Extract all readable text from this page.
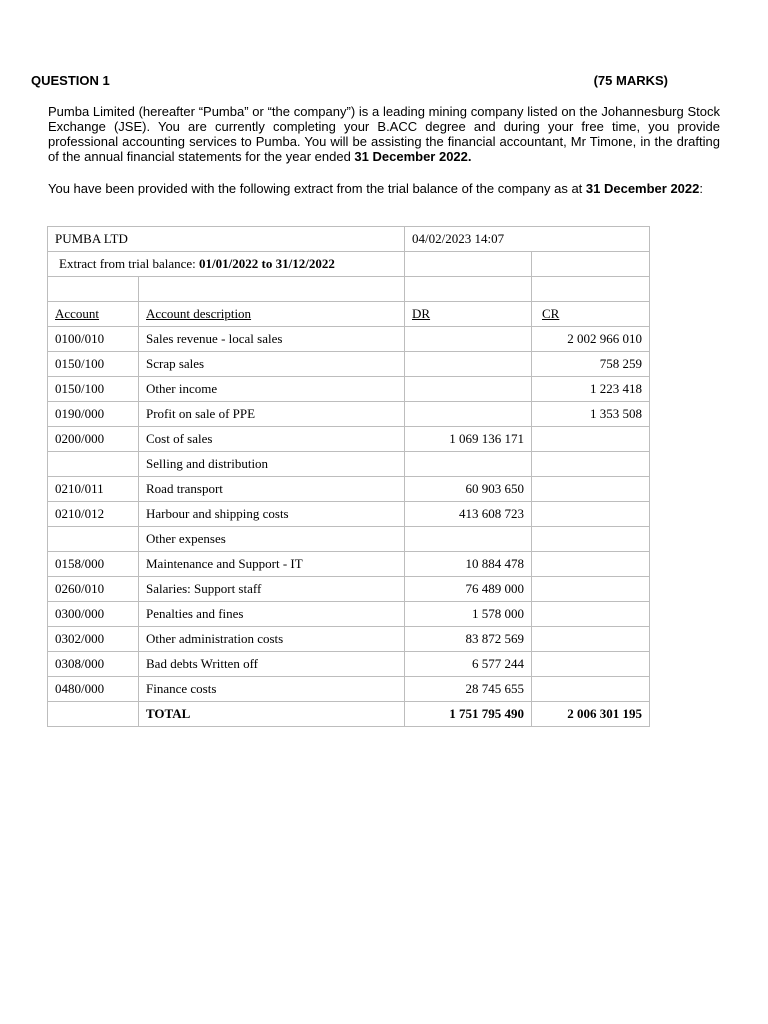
QUESTION 1	(75 MARKS)
Pumba Limited (hereafter “Pumba” or “the company”) is a leading mining company listed on the Johannesburg Stock Exchange (JSE). You are currently completing your B.ACC degree and during your free time, you provide professional accounting services to Pumba. You will be assisting the financial accountant, Mr Timone, in the drafting of the annual financial statements for the year ended 31 December 2022.
You have been provided with the following extract from the trial balance of the company as at 31 December 2022:
PUMBA LTD		04/02/2023 14:07	
Extract from trial balance: 01/01/2022 to 31/12/2022			

Account	Account description	DR	CR
0100/010	Sales revenue - local sales		2 002 966 010
0150/100	Scrap sales		758 259
0150/100	Other income		1 223 418
0190/000	Profit on sale of PPE		1 353 508
0200/000	Cost of sales	1 069 136 171	
	Selling and distribution		
0210/011	Road transport	60 903 650	
0210/012	Harbour and shipping costs	413 608 723	
	Other expenses		
0158/000	Maintenance and Support - IT	10 884 478	
0260/010	Salaries: Support staff	76 489 000	
0300/000	Penalties and fines	1 578 000	
0302/000	Other administration costs	83 872 569	
0308/000	Bad debts Written off	6 577 244	
0480/000	Finance costs	28 745 655	
	TOTAL	1 751 795 490	2 006 301 195
